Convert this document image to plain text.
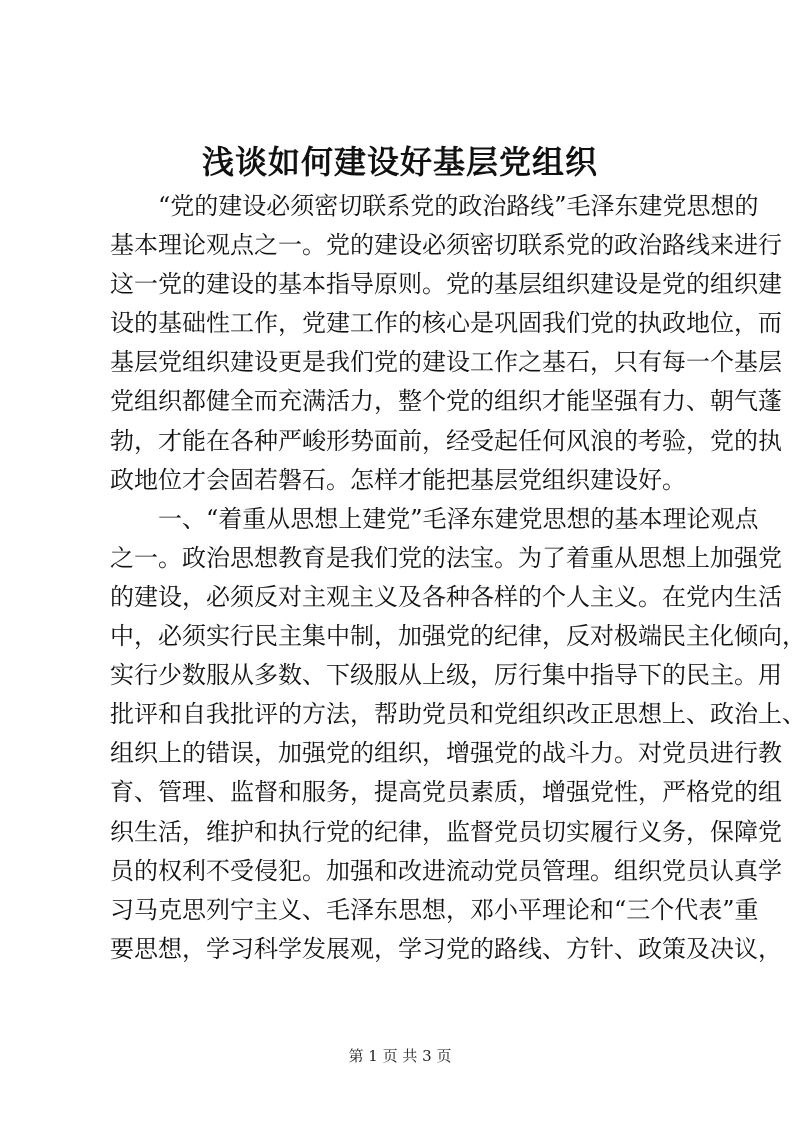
浅谈如何建设好基层党组织
“党的建设必须密切联系党的政治路线”毛泽东建党思想的
基本理论观点之一。党的建设必须密切联系党的政治路线来进行
这一党的建设的基本指导原则。党的基层组织建设是党的组织建
设的基础性工作，党建工作的核心是巩固我们党的执政地位，而
基层党组织建设更是我们党的建设工作之基石，只有每一个基层
党组织都健全而充满活力，整个党的组织才能坚强有力、朝气蓬
勃，才能在各种严峻形势面前，经受起任何风浪的考验，党的执
政地位才会固若磐石。怎样才能把基层党组织建设好。
一、“着重从思想上建党”毛泽东建党思想的基本理论观点
之一。政治思想教育是我们党的法宝。为了着重从思想上加强党
的建设，必须反对主观主义及各种各样的个人主义。在党内生活
中，必须实行民主集中制，加强党的纪律，反对极端民主化倾向，
实行少数服从多数、下级服从上级，厉行集中指导下的民主。用
批评和自我批评的方法，帮助党员和党组织改正思想上、政治上、
组织上的错误，加强党的组织，增强党的战斗力。对党员进行教
育、管理、监督和服务，提高党员素质，增强党性，严格党的组
织生活，维护和执行党的纪律，监督党员切实履行义务，保障党
员的权利不受侵犯。加强和改进流动党员管理。组织党员认真学
习马克思列宁主义、毛泽东思想，邓小平理论和“三个代表”重
要思想，学习科学发展观，学习党的路线、方针、政策及决议，
第 1 页 共 3 页
